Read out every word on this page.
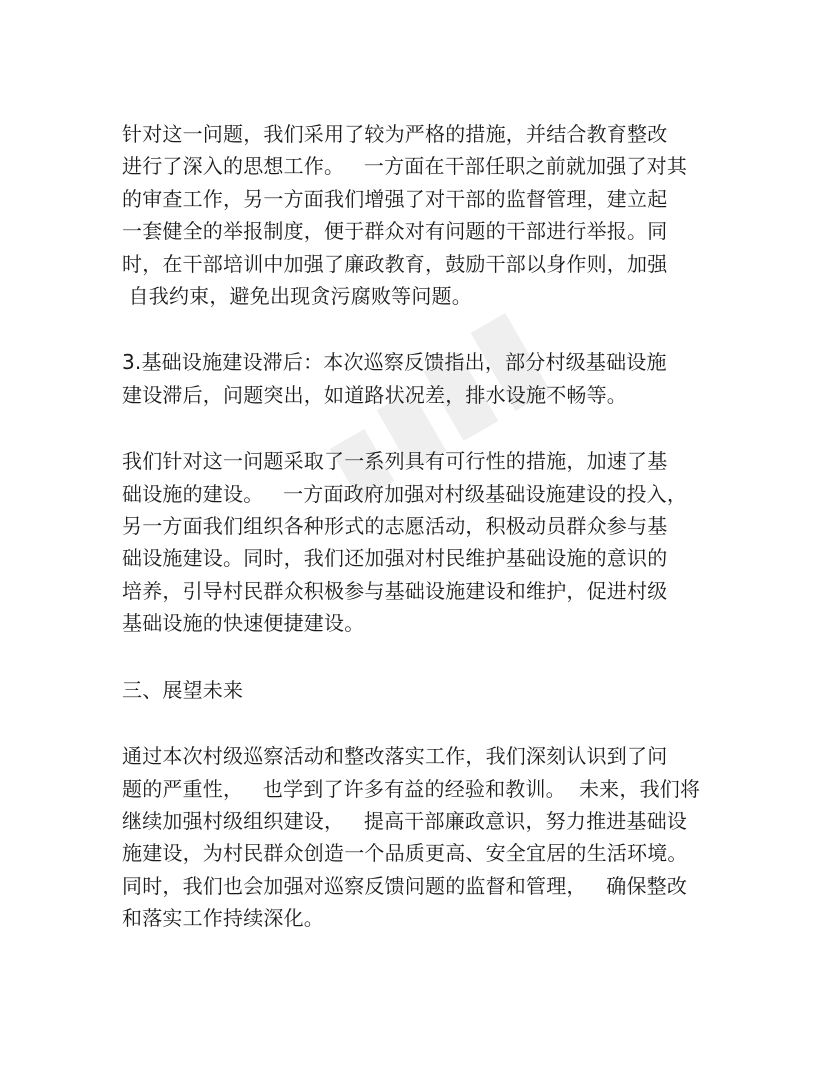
针对这一问题，我们采用了较为严格的措施，并结合教育整改
进行了深入的思想工作。   一方面在干部任职之前就加强了对其
的审查工作，另一方面我们增强了对干部的监督管理，建立起
一套健全的举报制度，便于群众对有问题的干部进行举报。同
时，在干部培训中加强了廉政教育，鼓励干部以身作则，加强
自我约束，避免出现贪污腐败等问题。

3.基础设施建设滞后：本次巡察反馈指出，部分村级基础设施
建设滞后，问题突出，如道路状况差，排水设施不畅等。

我们针对这一问题采取了一系列具有可行性的措施，加速了基
础设施的建设。   一方面政府加强对村级基础设施建设的投入，
另一方面我们组织各种形式的志愿活动，积极动员群众参与基
础设施建设。同时，我们还加强对村民维护基础设施的意识的
培养，引导村民群众积极参与基础设施建设和维护，促进村级
基础设施的快速便捷建设。

三、展望未来

通过本次村级巡察活动和整改落实工作，我们深刻认识到了问
题的严重性，   也学到了许多有益的经验和教训。  未来，我们将
继续加强村级组织建设，   提高干部廉政意识，努力推进基础设
施建设，为村民群众创造一个品质更高、安全宜居的生活环境。
同时，我们也会加强对巡察反馈问题的监督和管理，   确保整改
和落实工作持续深化。
